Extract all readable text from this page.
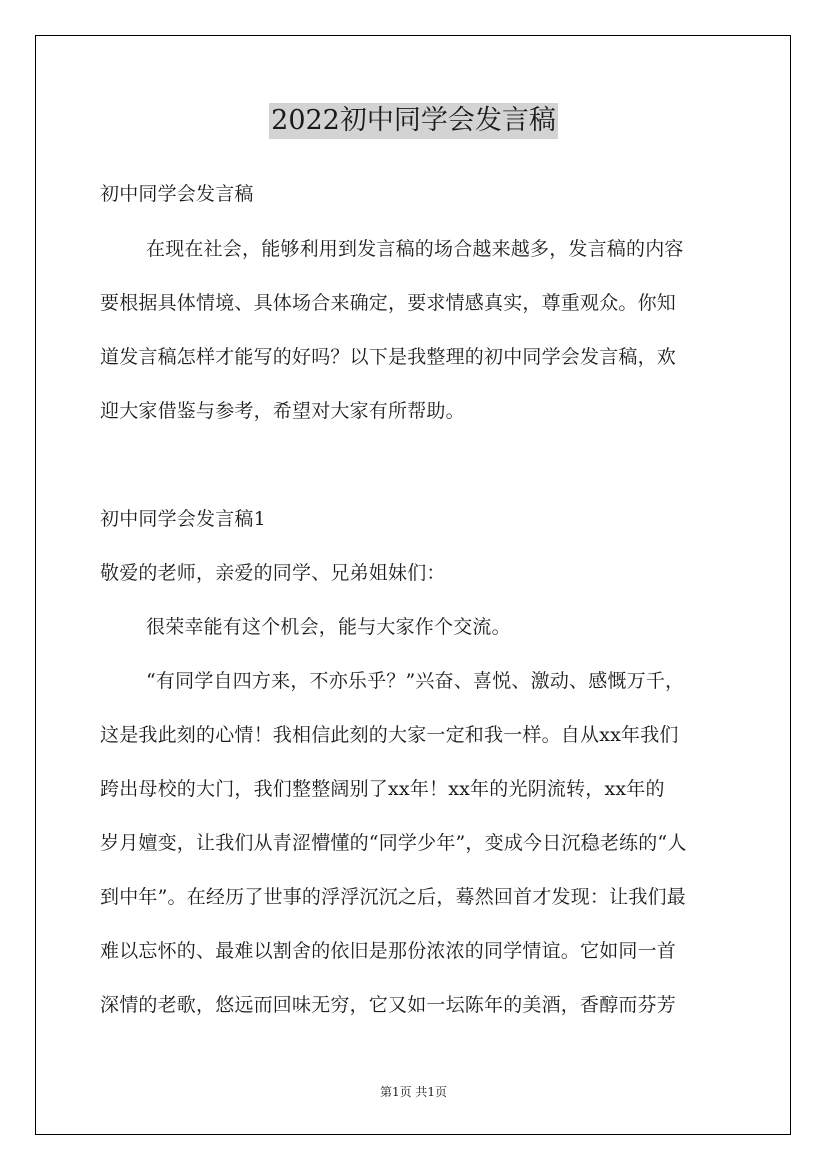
2022初中同学会发言稿
初中同学会发言稿
在现在社会，能够利用到发言稿的场合越来越多，发言稿的内容
要根据具体情境、具体场合来确定，要求情感真实，尊重观众。你知
道发言稿怎样才能写的好吗？以下是我整理的初中同学会发言稿，欢
迎大家借鉴与参考，希望对大家有所帮助。
初中同学会发言稿1
敬爱的老师，亲爱的同学、兄弟姐妹们：
很荣幸能有这个机会，能与大家作个交流。
“有同学自四方来，不亦乐乎？”兴奋、喜悦、激动、感慨万千，
这是我此刻的心情！我相信此刻的大家一定和我一样。自从xx年我们
跨出母校的大门，我们整整阔别了xx年！xx年的光阴流转，xx年的
岁月嬗变，让我们从青涩懵懂的“同学少年”，变成今日沉稳老练的“人
到中年”。在经历了世事的浮浮沉沉之后，蓦然回首才发现：让我们最
难以忘怀的、最难以割舍的依旧是那份浓浓的同学情谊。它如同一首
深情的老歌，悠远而回味无穷，它又如一坛陈年的美酒，香醇而芬芳
第1页 共1页
